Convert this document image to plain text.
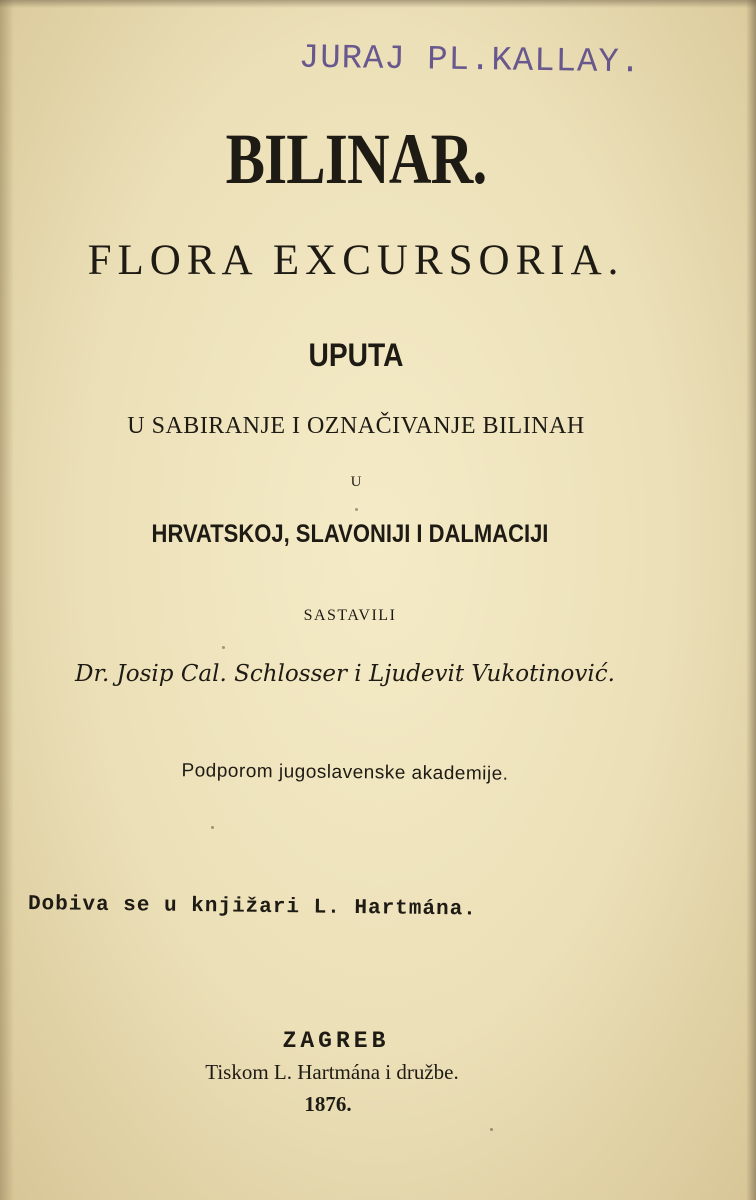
JURAJ PL.KALLAY.

BILINAR.

FLORA EXCURSORIA.

UPUTA

U SABIRANJE I OZNAČIVANJE BILINAH

U

HRVATSKOJ, SLAVONIJI I DALMACIJI

SASTAVILI

Dr. Josip Cal. Schlosser i Ljudevit Vukotinović.

Podporom jugoslavenske akademije.

Dobiva se u knjižari L. Hartmána.

ZAGREB

Tiskom L. Hartmána i družbe.

1876.
